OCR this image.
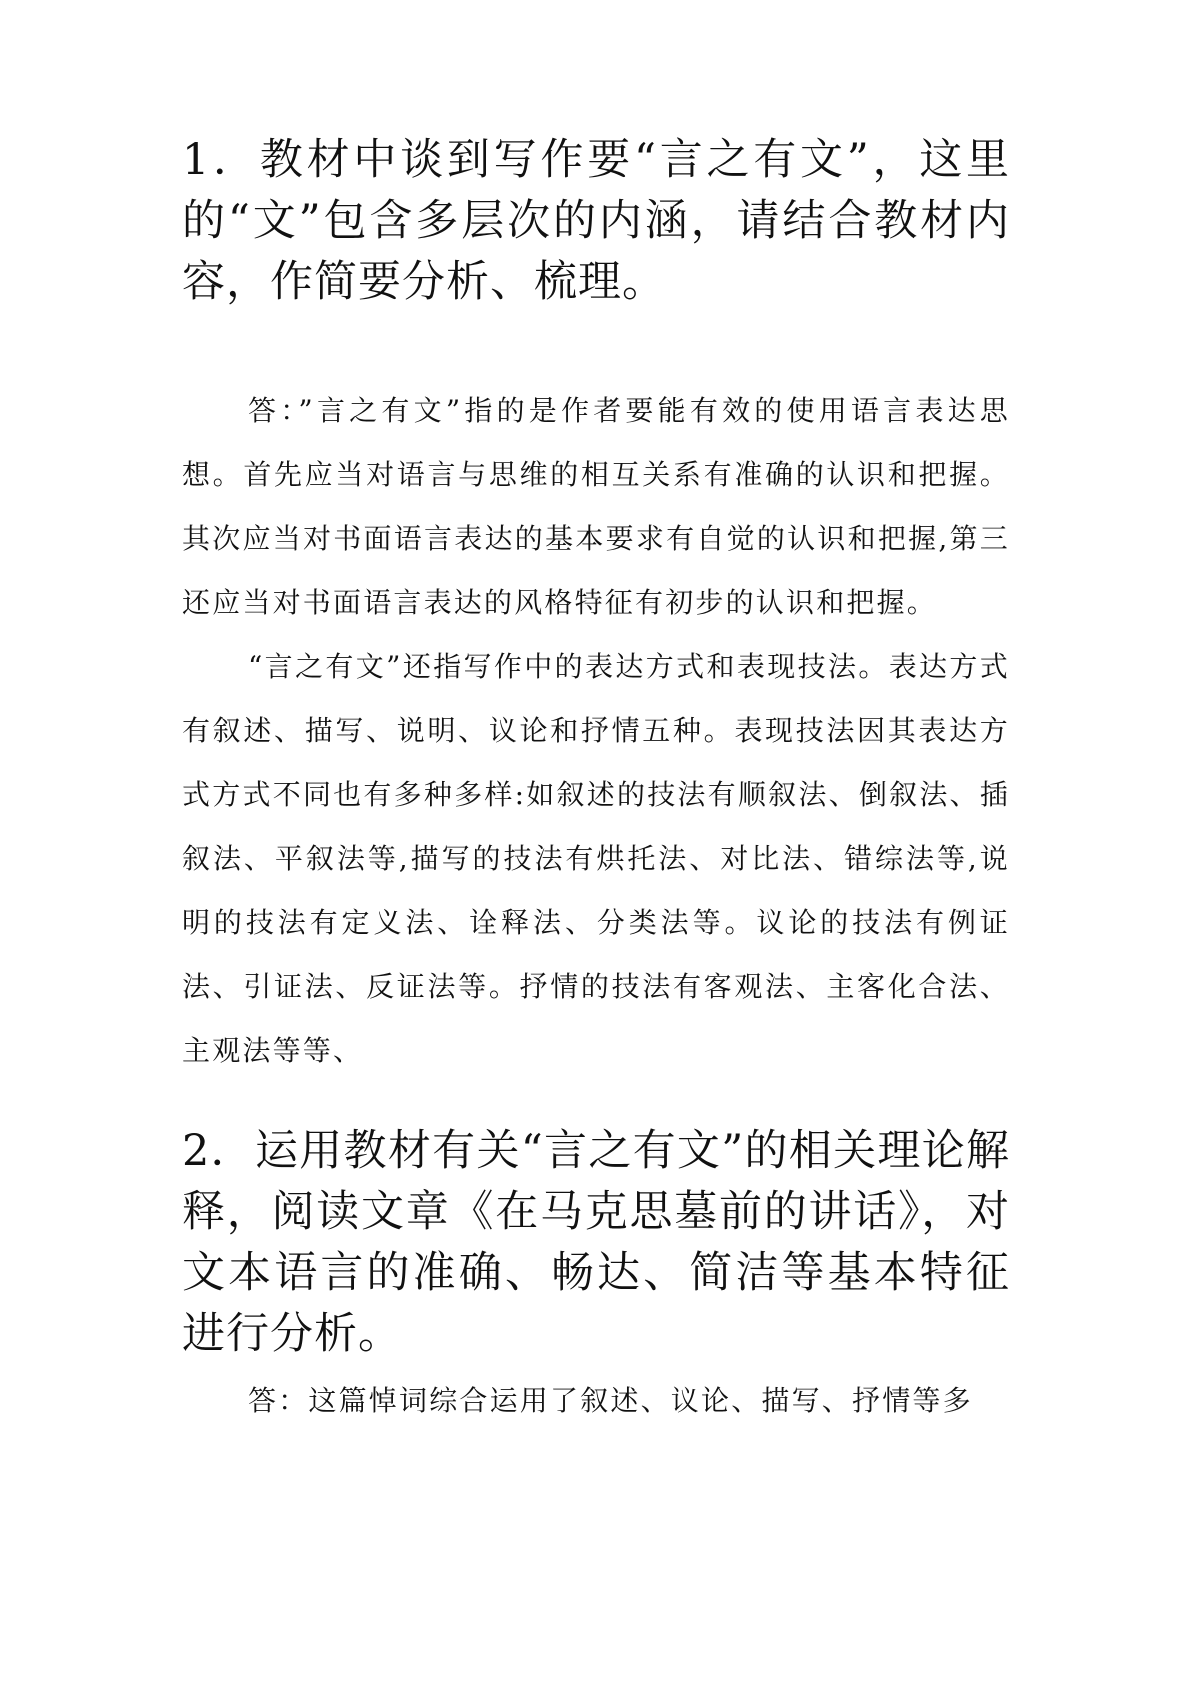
1．教材中谈到写作要“言之有文”，这里的“文”包含多层次的内涵，请结合教材内容，作简要分析、梳理。

答：”言之有文”指的是作者要能有效的使用语言表达思想。首先应当对语言与思维的相互关系有准确的认识和把握。其次应当对书面语言表达的基本要求有自觉的认识和把握,第三还应当对书面语言表达的风格特征有初步的认识和把握。

“言之有文”还指写作中的表达方式和表现技法。表达方式有叙述、描写、说明、议论和抒情五种。表现技法因其表达方式方式不同也有多种多样:如叙述的技法有顺叙法、倒叙法、插叙法、平叙法等,描写的技法有烘托法、对比法、错综法等,说明的技法有定义法、诠释法、分类法等。议论的技法有例证法、引证法、反证法等。抒情的技法有客观法、主客化合法、主观法等等、

2．运用教材有关“言之有文”的相关理论解释，阅读文章《在马克思墓前的讲话》，对文本语言的准确、畅达、简洁等基本特征进行分析。

答：这篇悼词综合运用了叙述、议论、描写、抒情等多
